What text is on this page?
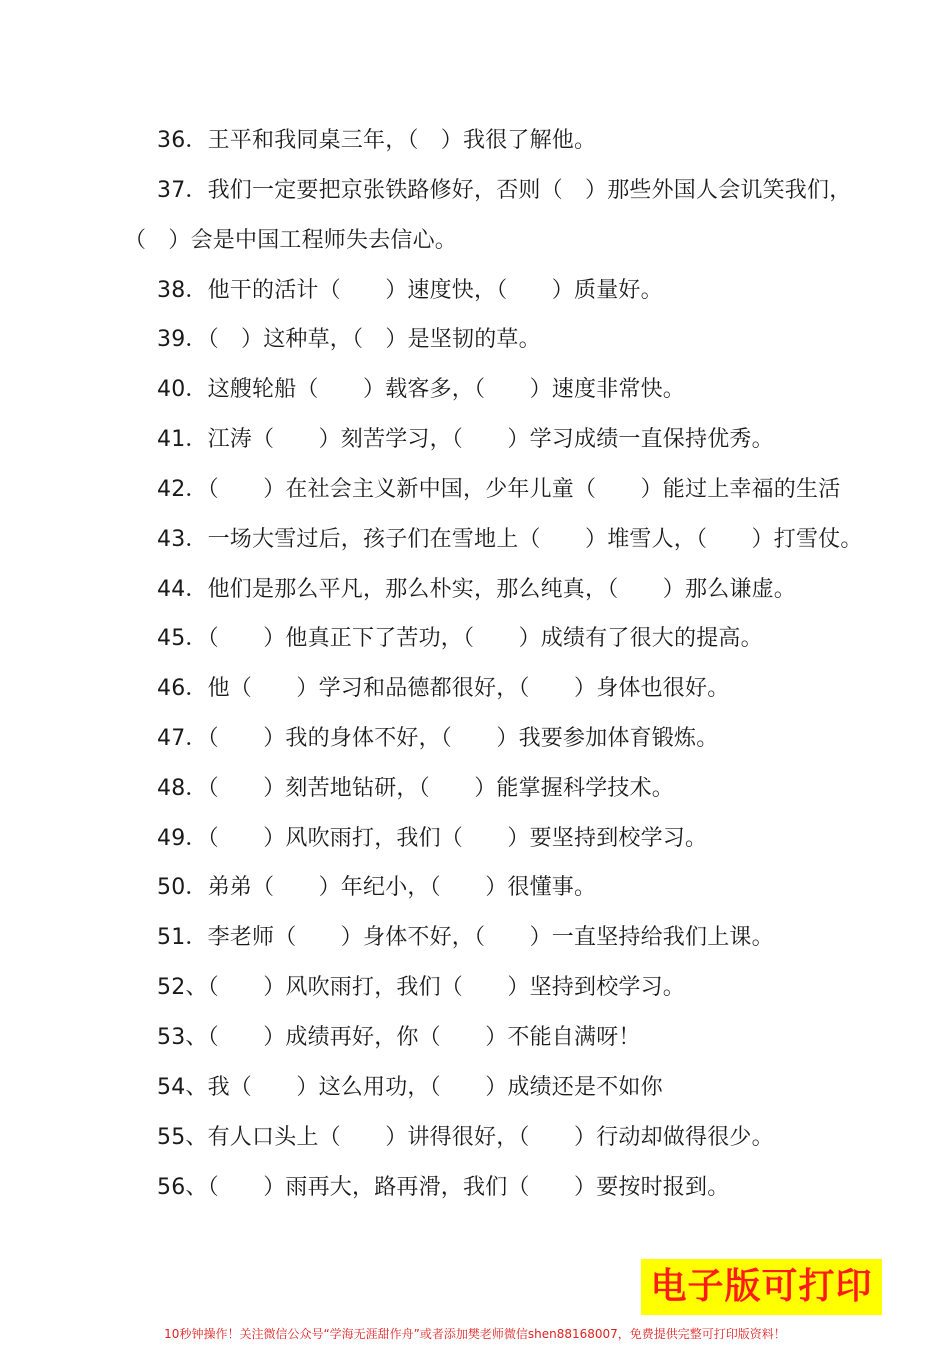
36．王平和我同桌三年，（　）我很了解他。
37．我们一定要把京张铁路修好，否则（　）那些外国人会讥笑我们，
（　）会是中国工程师失去信心。
38．他干的活计（　　）速度快，（　　）质量好。
39．（　）这种草，（　）是坚韧的草。
40．这艘轮船（　　）载客多，（　　）速度非常快。
41．江涛（　　）刻苦学习，（　　）学习成绩一直保持优秀。
42．（　　）在社会主义新中国，少年儿童（　　）能过上幸福的生活
43．一场大雪过后，孩子们在雪地上（　　）堆雪人，（　　）打雪仗。
44．他们是那么平凡，那么朴实，那么纯真，（　　）那么谦虚。
45．（　　）他真正下了苦功，（　　）成绩有了很大的提高。
46．他（　　）学习和品德都很好，（　　）身体也很好。
47．（　　）我的身体不好，（　　）我要参加体育锻炼。
48．（　　）刻苦地钻研，（　　）能掌握科学技术。
49．（　　）风吹雨打，我们（　　）要坚持到校学习。
50．弟弟（　　）年纪小，（　　）很懂事。
51．李老师（　　）身体不好，（　　）一直坚持给我们上课。
52、（　　）风吹雨打，我们（　　）坚持到校学习。
53、（　　）成绩再好，你（　　）不能自满呀！
54、我（　　）这么用功，（　　）成绩还是不如你
55、有人口头上（　　）讲得很好，（　　）行动却做得很少。
56、（　　）雨再大，路再滑，我们（　　）要按时报到。
电子版可打印
10秒钟操作！关注微信公众号“学海无涯甜作舟”或者添加樊老师微信shen88168007，免费提供完整可打印版资料！
